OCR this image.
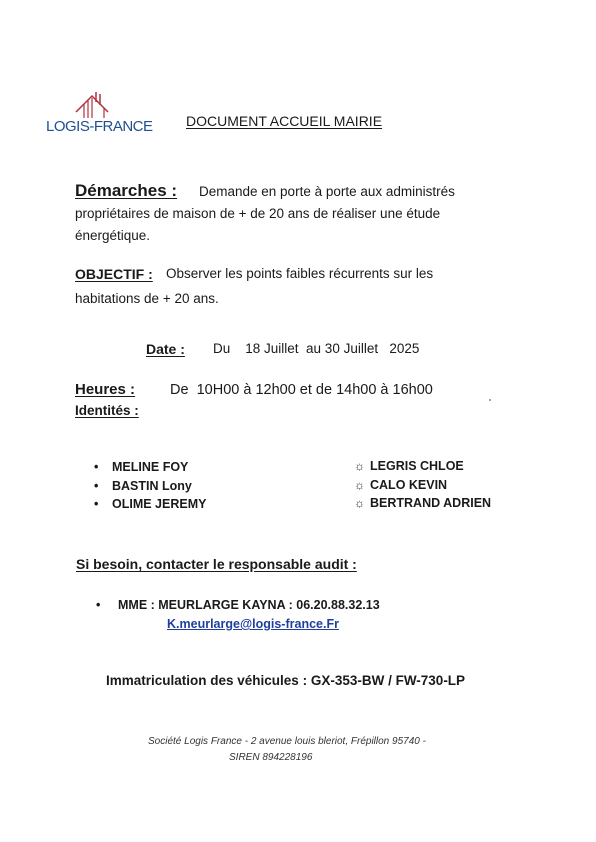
LOGIS-FRANCE DOCUMENT ACCUEIL MAIRIE
Démarches : Demande en porte à porte aux administrés
propriétaires de maison de + de 20 ans de réaliser une étude
énergétique.
OBJECTIF : Observer les points faibles récurrents sur les
habitations de + 20 ans.
Date : Du    18 Juillet  au 30 Juillet   2025
Heures : De  10H00 à 12h00 et de 14h00 à 16h00
Identités :
• MELINE FOY
• BASTIN Lony
• OLIME JEREMY
☼ LEGRIS CHLOE
☼ CALO KEVIN
☼ BERTRAND ADRIEN
Si besoin, contacter le responsable audit :
• MME : MEURLARGE KAYNA : 06.20.88.32.13
K.meurlarge@logis-france.Fr
Immatriculation des véhicules : GX-353-BW / FW-730-LP
Société Logis France - 2 avenue louis bleriot, Frépillon 95740 -
SIREN 894228196
